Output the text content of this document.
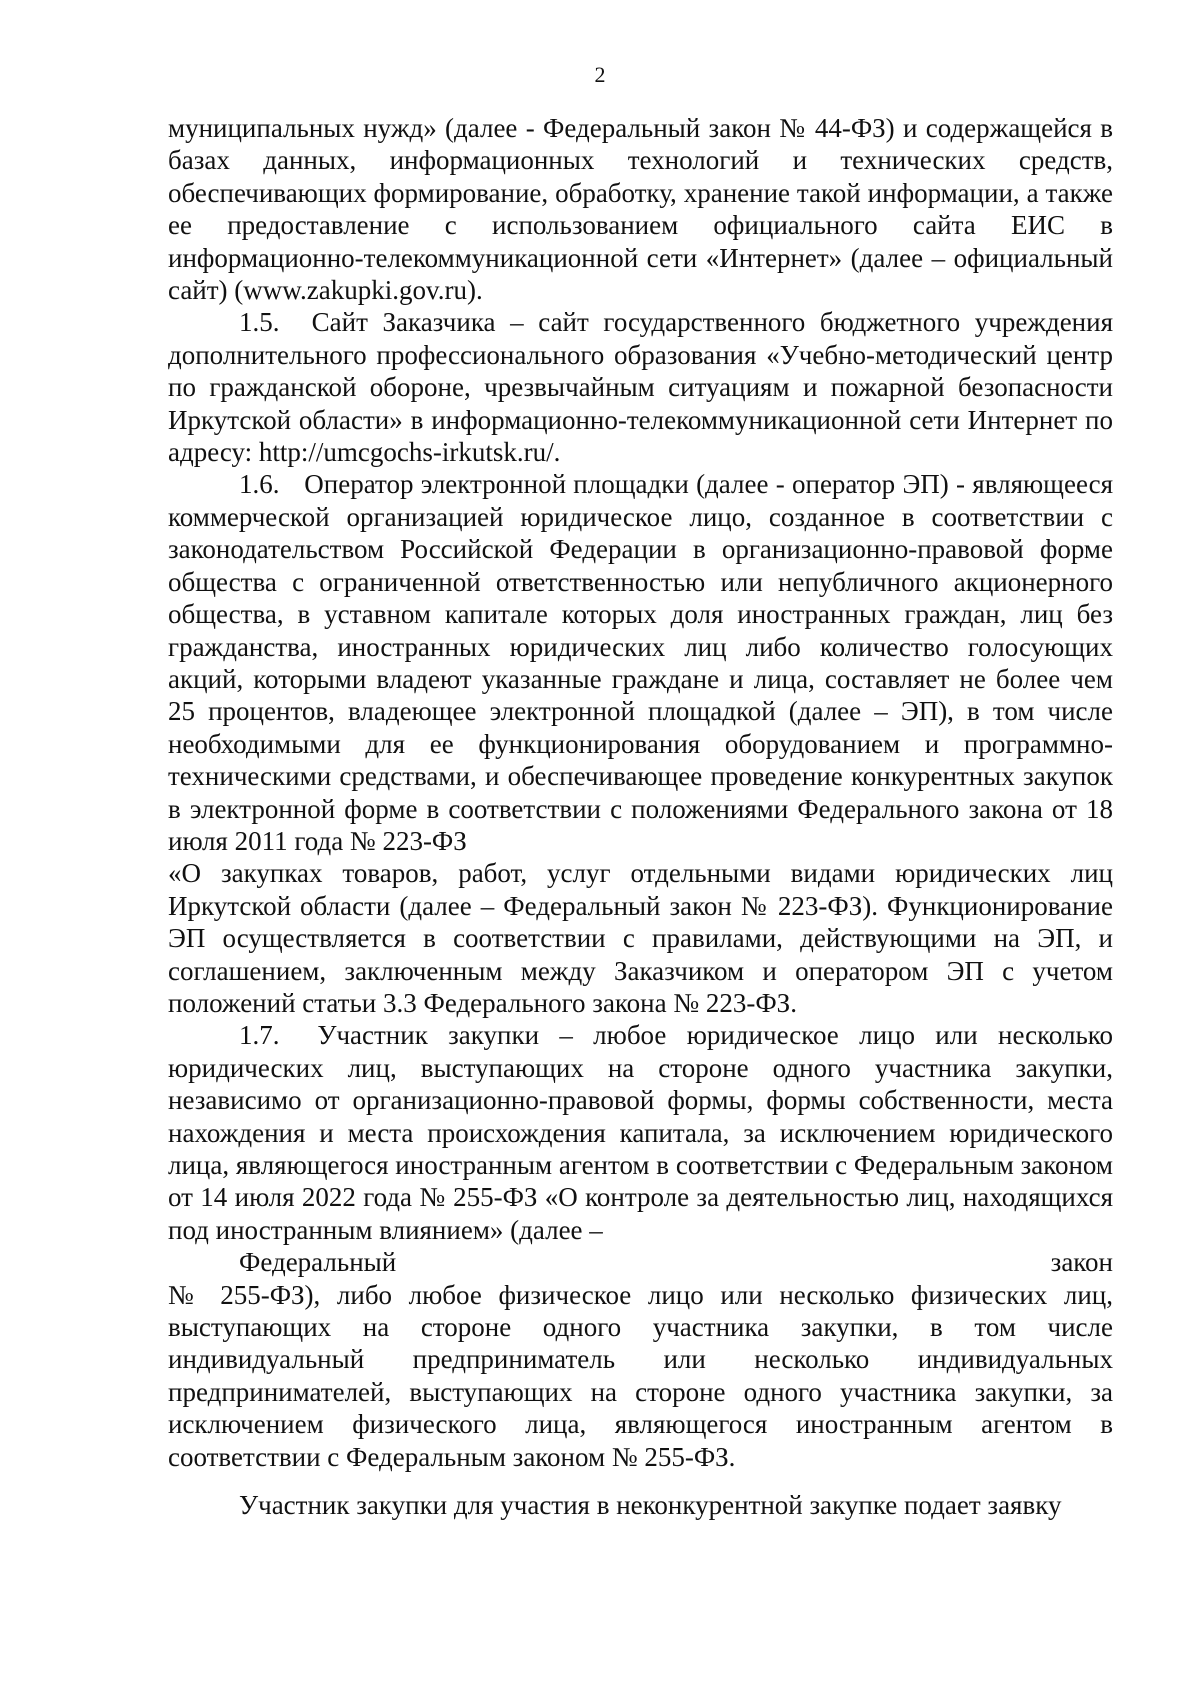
2

муниципальных нужд» (далее - Федеральный закон № 44-ФЗ) и содержащейся в базах данных, информационных технологий и технических средств, обеспечивающих формирование, обработку, хранение такой информации, а также ее предоставление с использованием официального сайта ЕИС в информационно-телекоммуникационной сети «Интернет» (далее – официальный сайт) (www.zakupki.gov.ru).

1.5. Сайт Заказчика – сайт государственного бюджетного учреждения дополнительного профессионального образования «Учебно-методический центр по гражданской обороне, чрезвычайным ситуациям и пожарной безопасности Иркутской области» в информационно-телекоммуникационной сети Интернет по адресу: http://umcgochs-irkutsk.ru/.

1.6. Оператор электронной площадки (далее - оператор ЭП) - являющееся коммерческой организацией юридическое лицо, созданное в соответствии с законодательством Российской Федерации в организационно-правовой форме общества с ограниченной ответственностью или непубличного акционерного общества, в уставном капитале которых доля иностранных граждан, лиц без гражданства, иностранных юридических лиц либо количество голосующих акций, которыми владеют указанные граждане и лица, составляет не более чем 25 процентов, владеющее электронной площадкой (далее – ЭП), в том числе необходимыми для ее функционирования оборудованием и программно-техническими средствами, и обеспечивающее проведение конкурентных закупок в электронной форме в соответствии с положениями Федерального закона от 18 июля 2011 года № 223-ФЗ

«О закупках товаров, работ, услуг отдельными видами юридических лиц Иркутской области (далее – Федеральный закон № 223-ФЗ). Функционирование ЭП осуществляется в соответствии с правилами, действующими на ЭП, и соглашением, заключенным между Заказчиком и оператором ЭП с учетом положений статьи 3.3 Федерального закона № 223-ФЗ.

1.7. Участник закупки – любое юридическое лицо или несколько юридических лиц, выступающих на стороне одного участника закупки, независимо от организационно-правовой формы, формы собственности, места нахождения и места происхождения капитала, за исключением юридического лица, являющегося иностранным агентом в соответствии с Федеральным законом от 14 июля 2022 года № 255-ФЗ «О контроле за деятельностью лиц, находящихся под иностранным влиянием» (далее –
Федеральный закон

№ 255-ФЗ), либо любое физическое лицо или несколько физических лиц, выступающих на стороне одного участника закупки, в том числе индивидуальный предприниматель или несколько индивидуальных предпринимателей, выступающих на стороне одного участника закупки, за исключением физического лица, являющегося иностранным агентом в соответствии с Федеральным законом № 255-ФЗ.

Участник закупки для участия в неконкурентной закупке подает заявку
